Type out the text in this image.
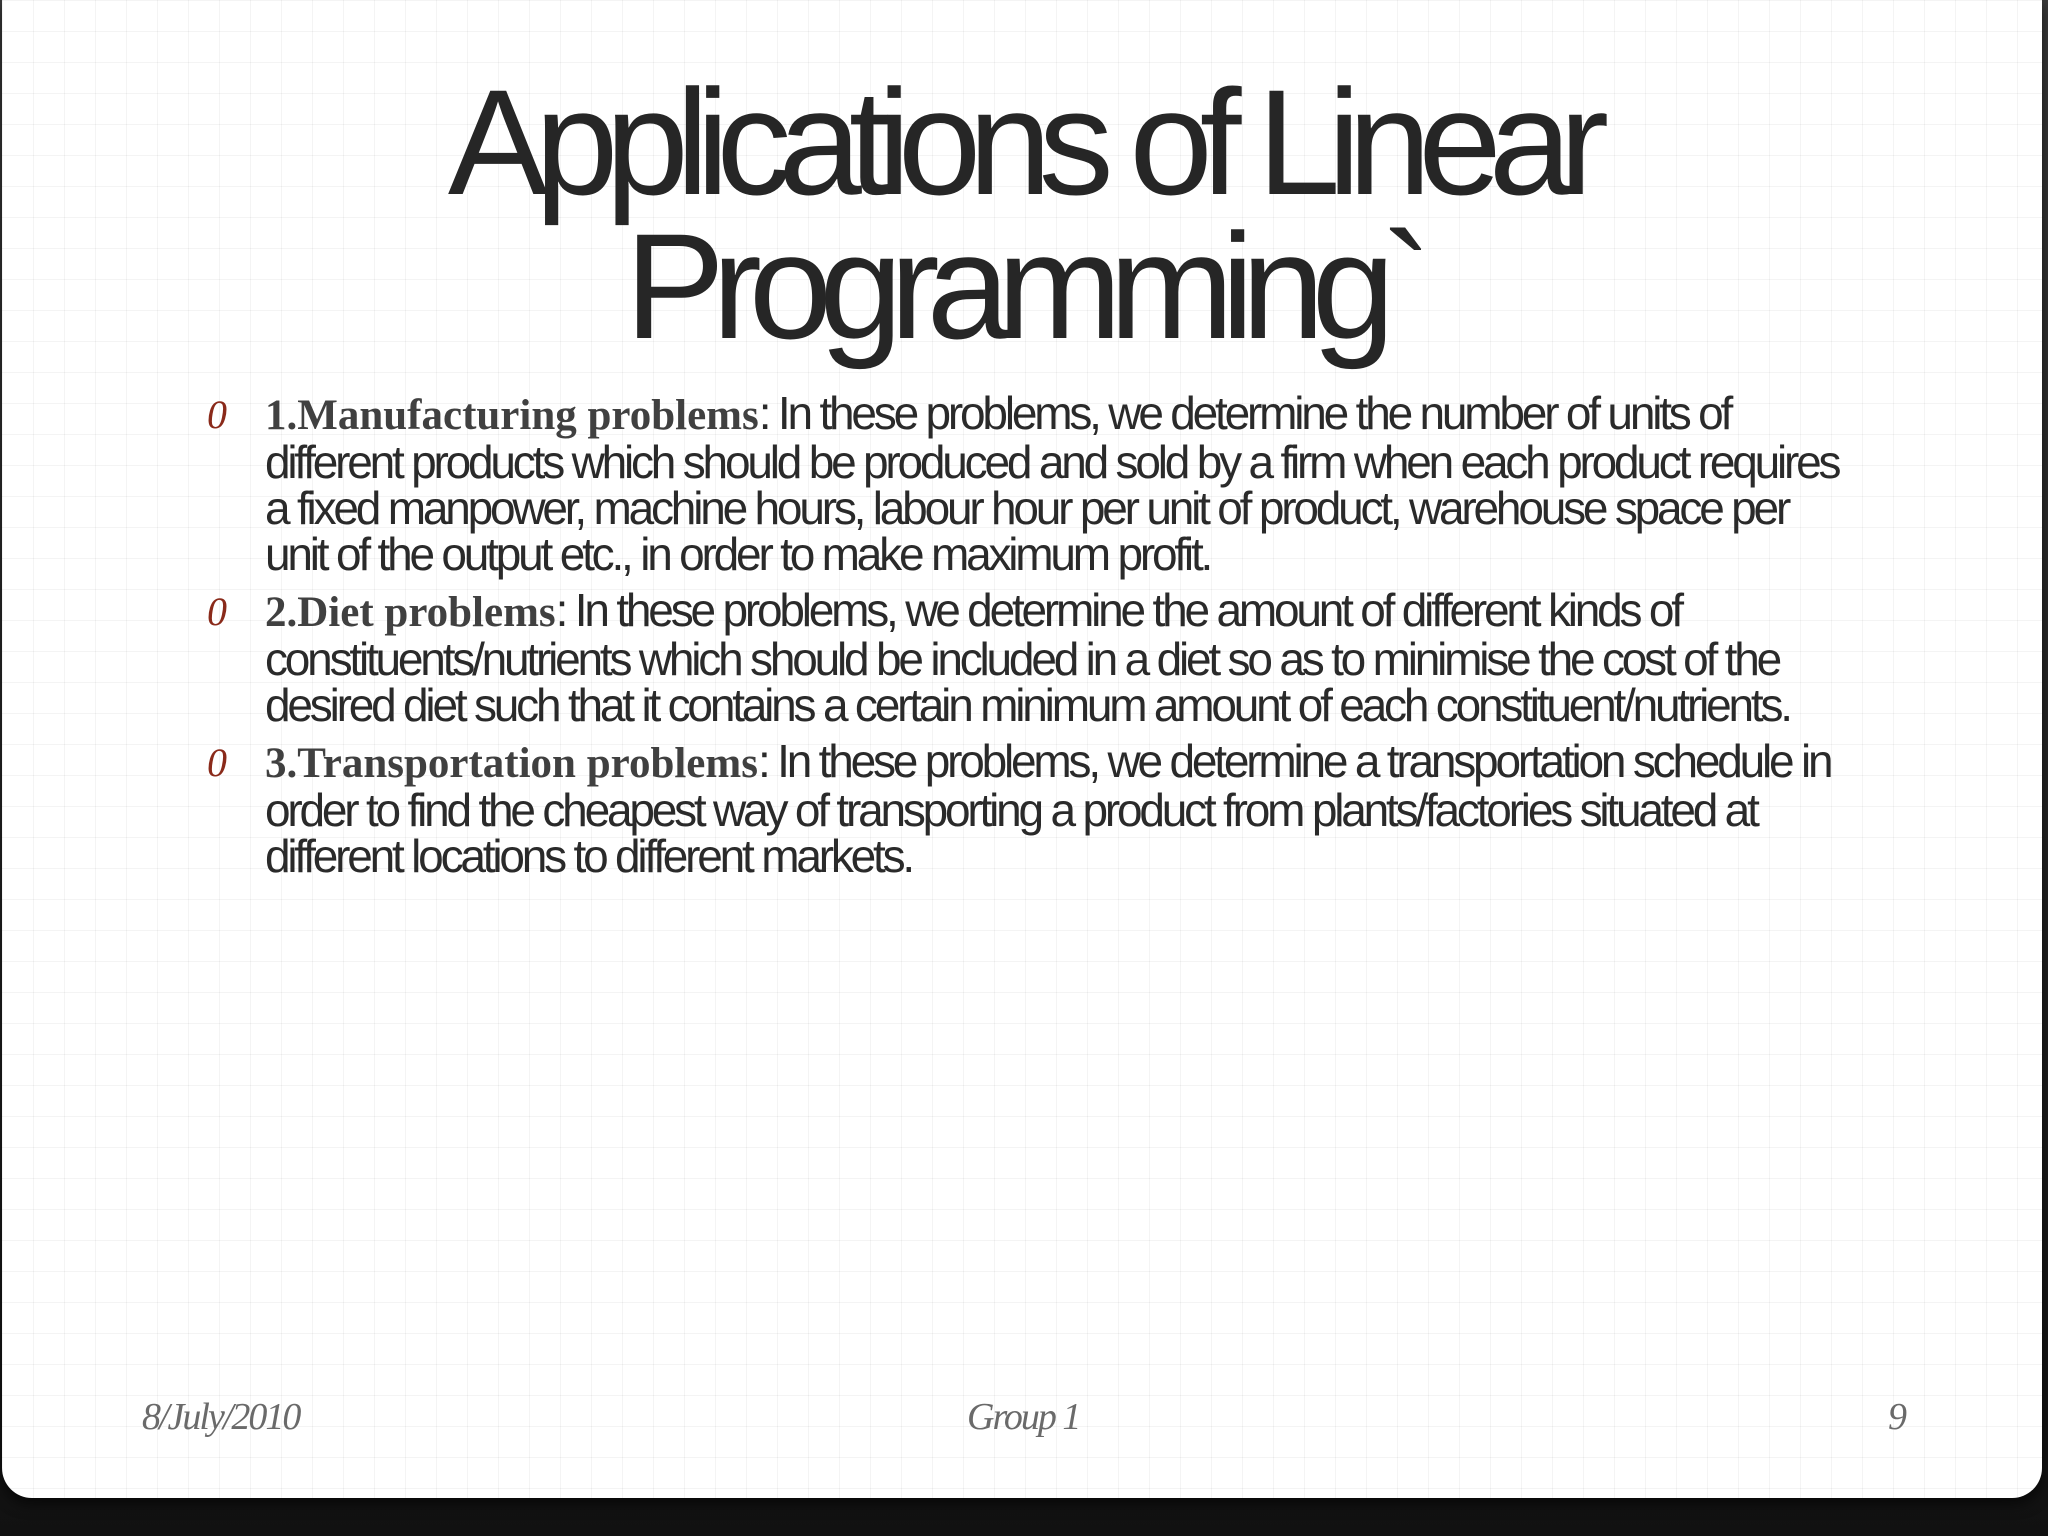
Applications of Linear
Programming`
0 1.Manufacturing problems: In these problems, we determine the number of units of different products which should be produced and sold by a firm when each product requires a fixed manpower, machine hours, labour hour per unit of product, warehouse space per unit of the output etc., in order to make maximum profit.
0 2.Diet problems: In these problems, we determine the amount of different kinds of constituents/nutrients which should be included in a diet so as to minimise the cost of the desired diet such that it contains a certain minimum amount of each constituent/nutrients.
0 3.Transportation problems: In these problems, we determine a transportation schedule in order to find the cheapest way of transporting a product from plants/factories situated at different locations to different markets.
8/July/2010	Group 1	9
